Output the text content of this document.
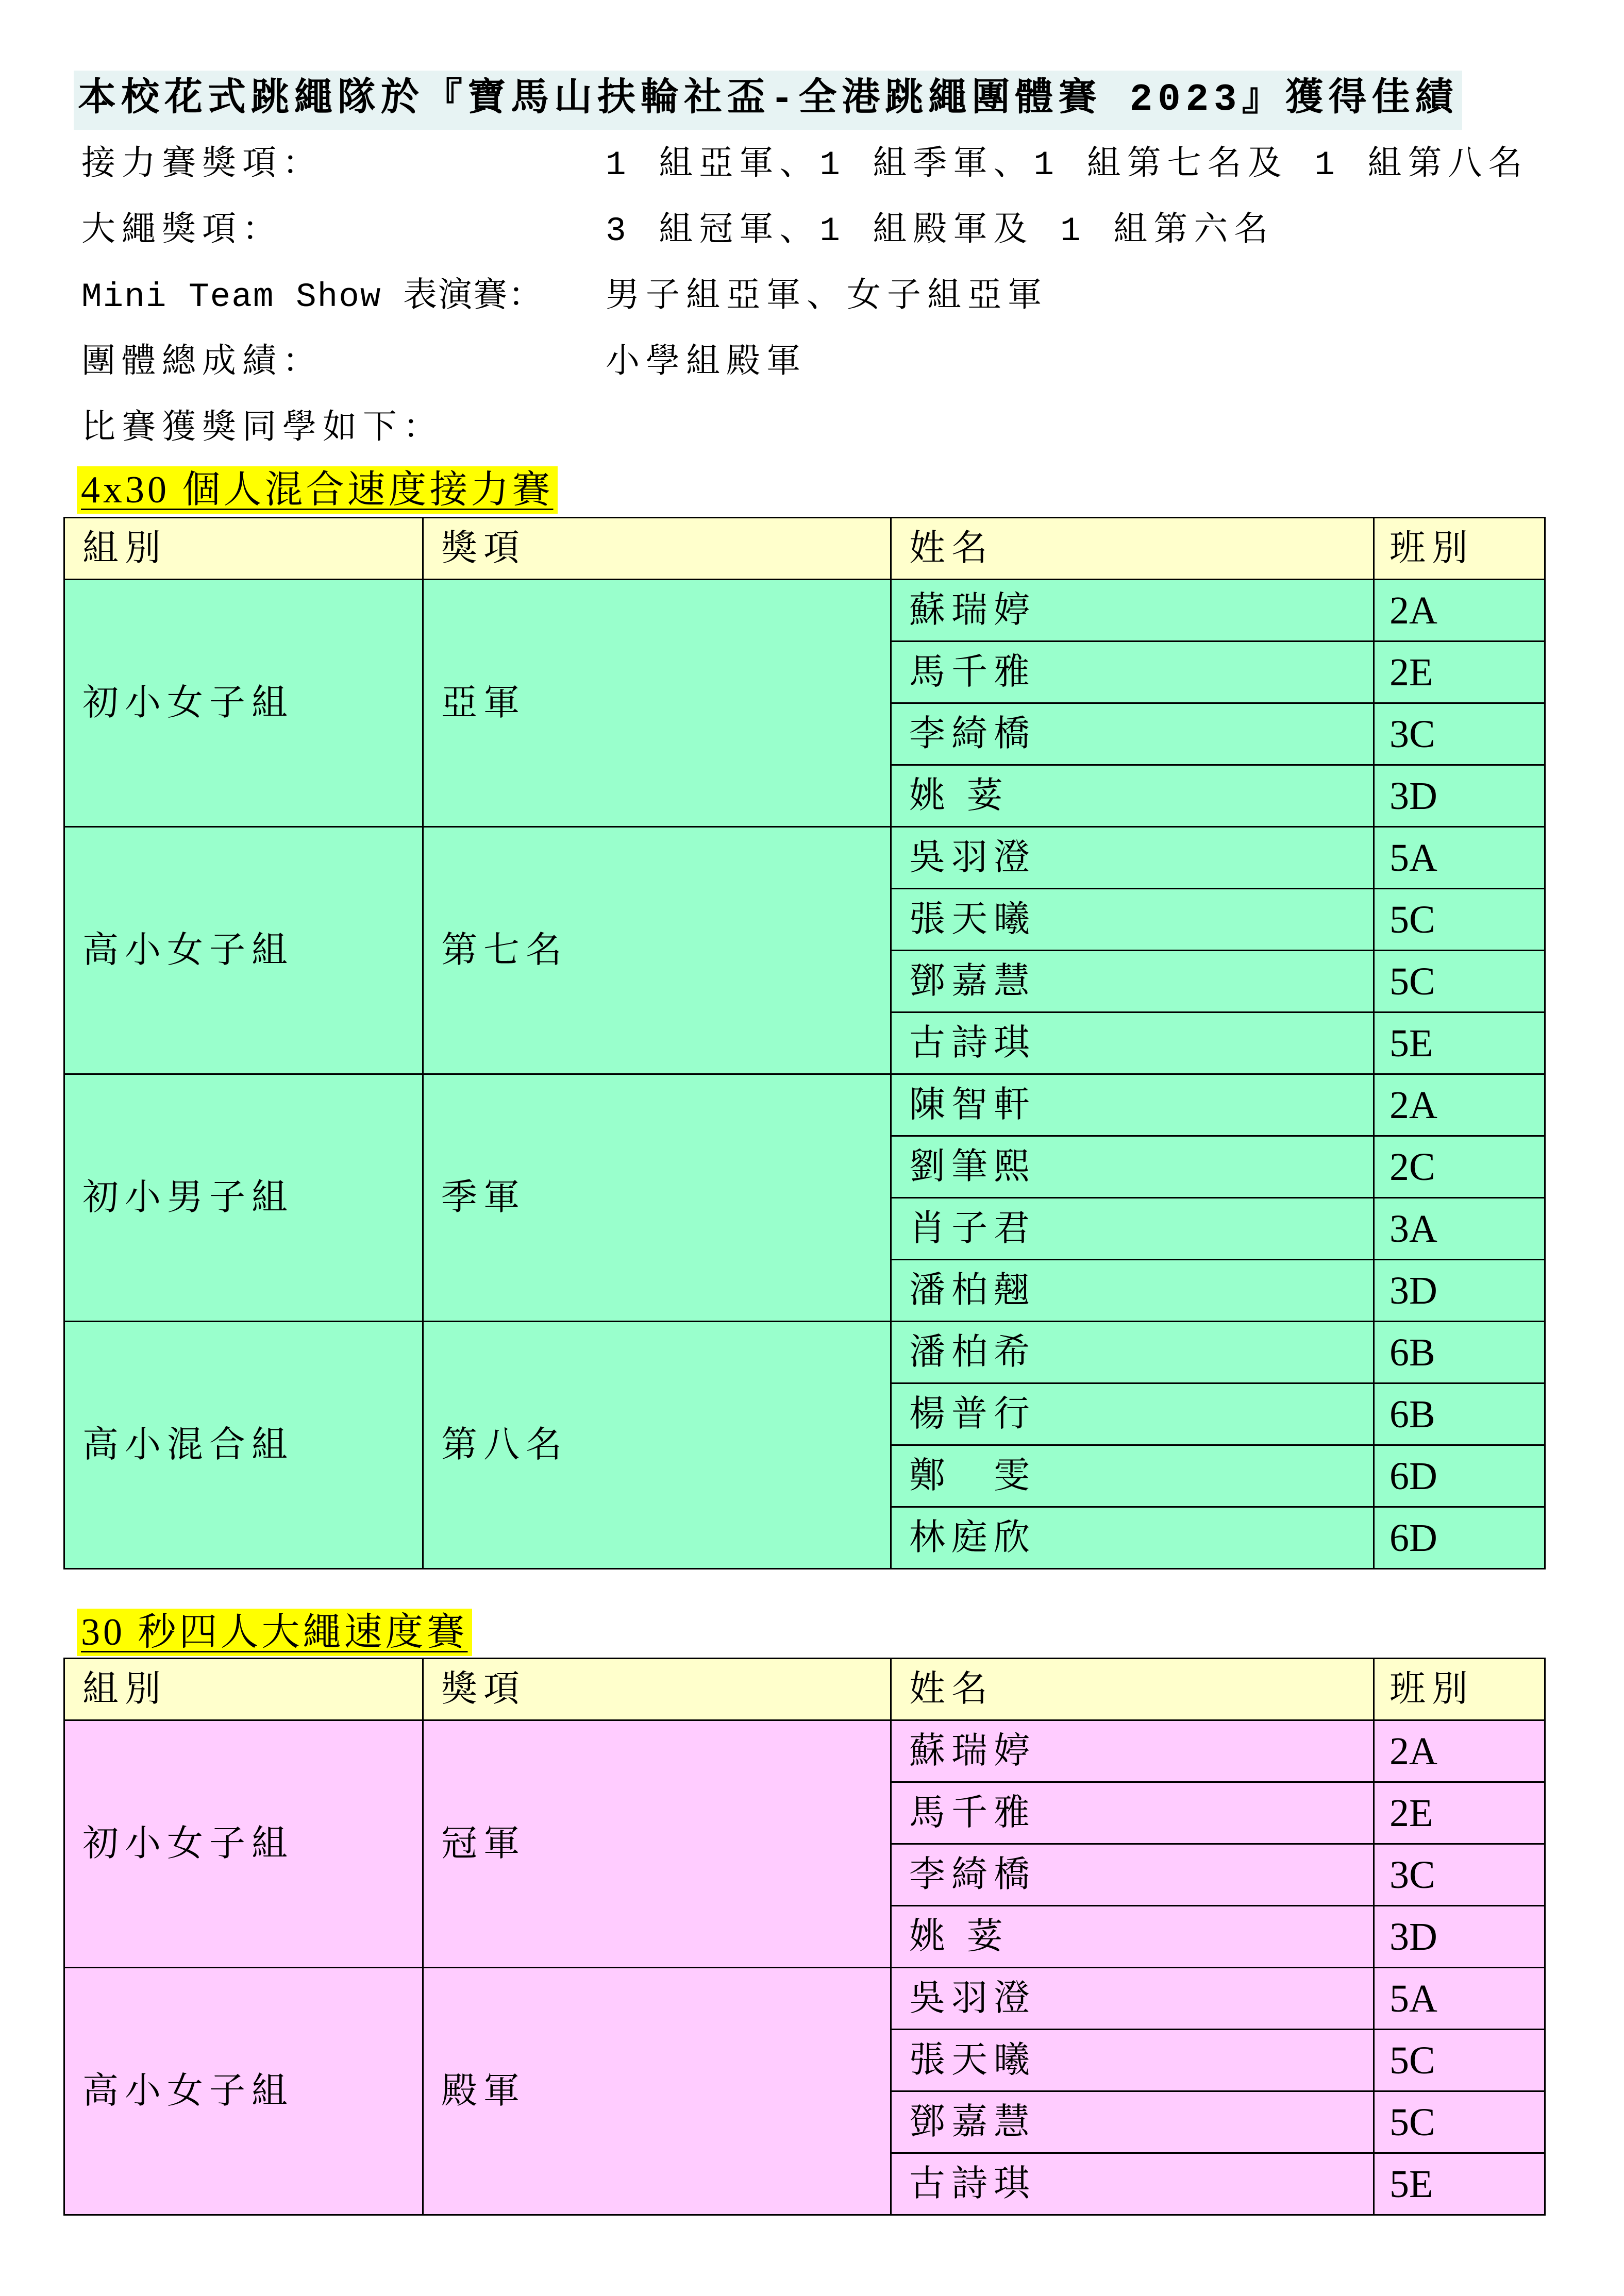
本校花式跳繩隊於『寶馬山扶輪社盃-全港跳繩團體賽 2023』獲得佳績
接力賽獎項：	1 組亞軍、1 組季軍、1 組第七名及 1 組第八名
大繩獎項：	3 組冠軍、1 組殿軍及 1 組第六名
Mini Team Show 表演賽： 男子組亞軍、女子組亞軍
團體總成績：	小學組殿軍
比賽獲獎同學如下：
4x30 個人混合速度接力賽
組別	獎項	姓名	班別
初小女子組	亞軍	蘇瑞婷	2A
		馬千雅	2E
		李綺橋	3C
		姚 荽	3D
高小女子組	第七名	吳羽澄	5A
		張天曦	5C
		鄧嘉慧	5C
		古詩琪	5E
初小男子組	季軍	陳智軒	2A
		劉筆熙	2C
		肖子君	3A
		潘柏翹	3D
高小混合組	第八名	潘柏希	6B
		楊普行	6B
		鄭　雯	6D
		林庭欣	6D
30 秒四人大繩速度賽
組別	獎項	姓名	班別
初小女子組	冠軍	蘇瑞婷	2A
		馬千雅	2E
		李綺橋	3C
		姚 荽	3D
高小女子組	殿軍	吳羽澄	5A
		張天曦	5C
		鄧嘉慧	5C
		古詩琪	5E
